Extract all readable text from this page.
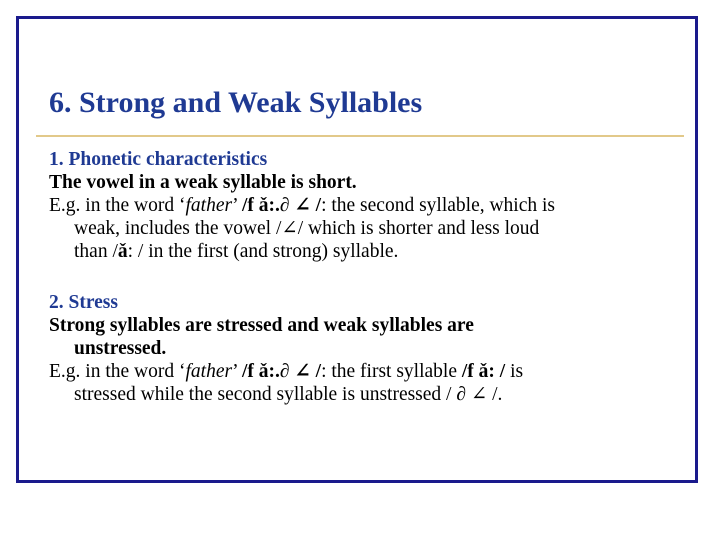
6. Strong and Weak Syllables
1. Phonetic characteristics
The vowel in a weak syllable is short.
E.g. in the word ‘father’ /f ǎ:.∂ ∠ /: the second syllable, which is
weak, includes the vowel /∠/ which is shorter and less loud
than /ǎ: / in the first (and strong) syllable.
2. Stress
Strong syllables are stressed and weak syllables are
unstressed.
E.g. in the word ‘father’ /f ǎ:.∂ ∠ /: the first syllable /f ǎ: / is
stressed while the second syllable is unstressed / ∂ ∠ /.
